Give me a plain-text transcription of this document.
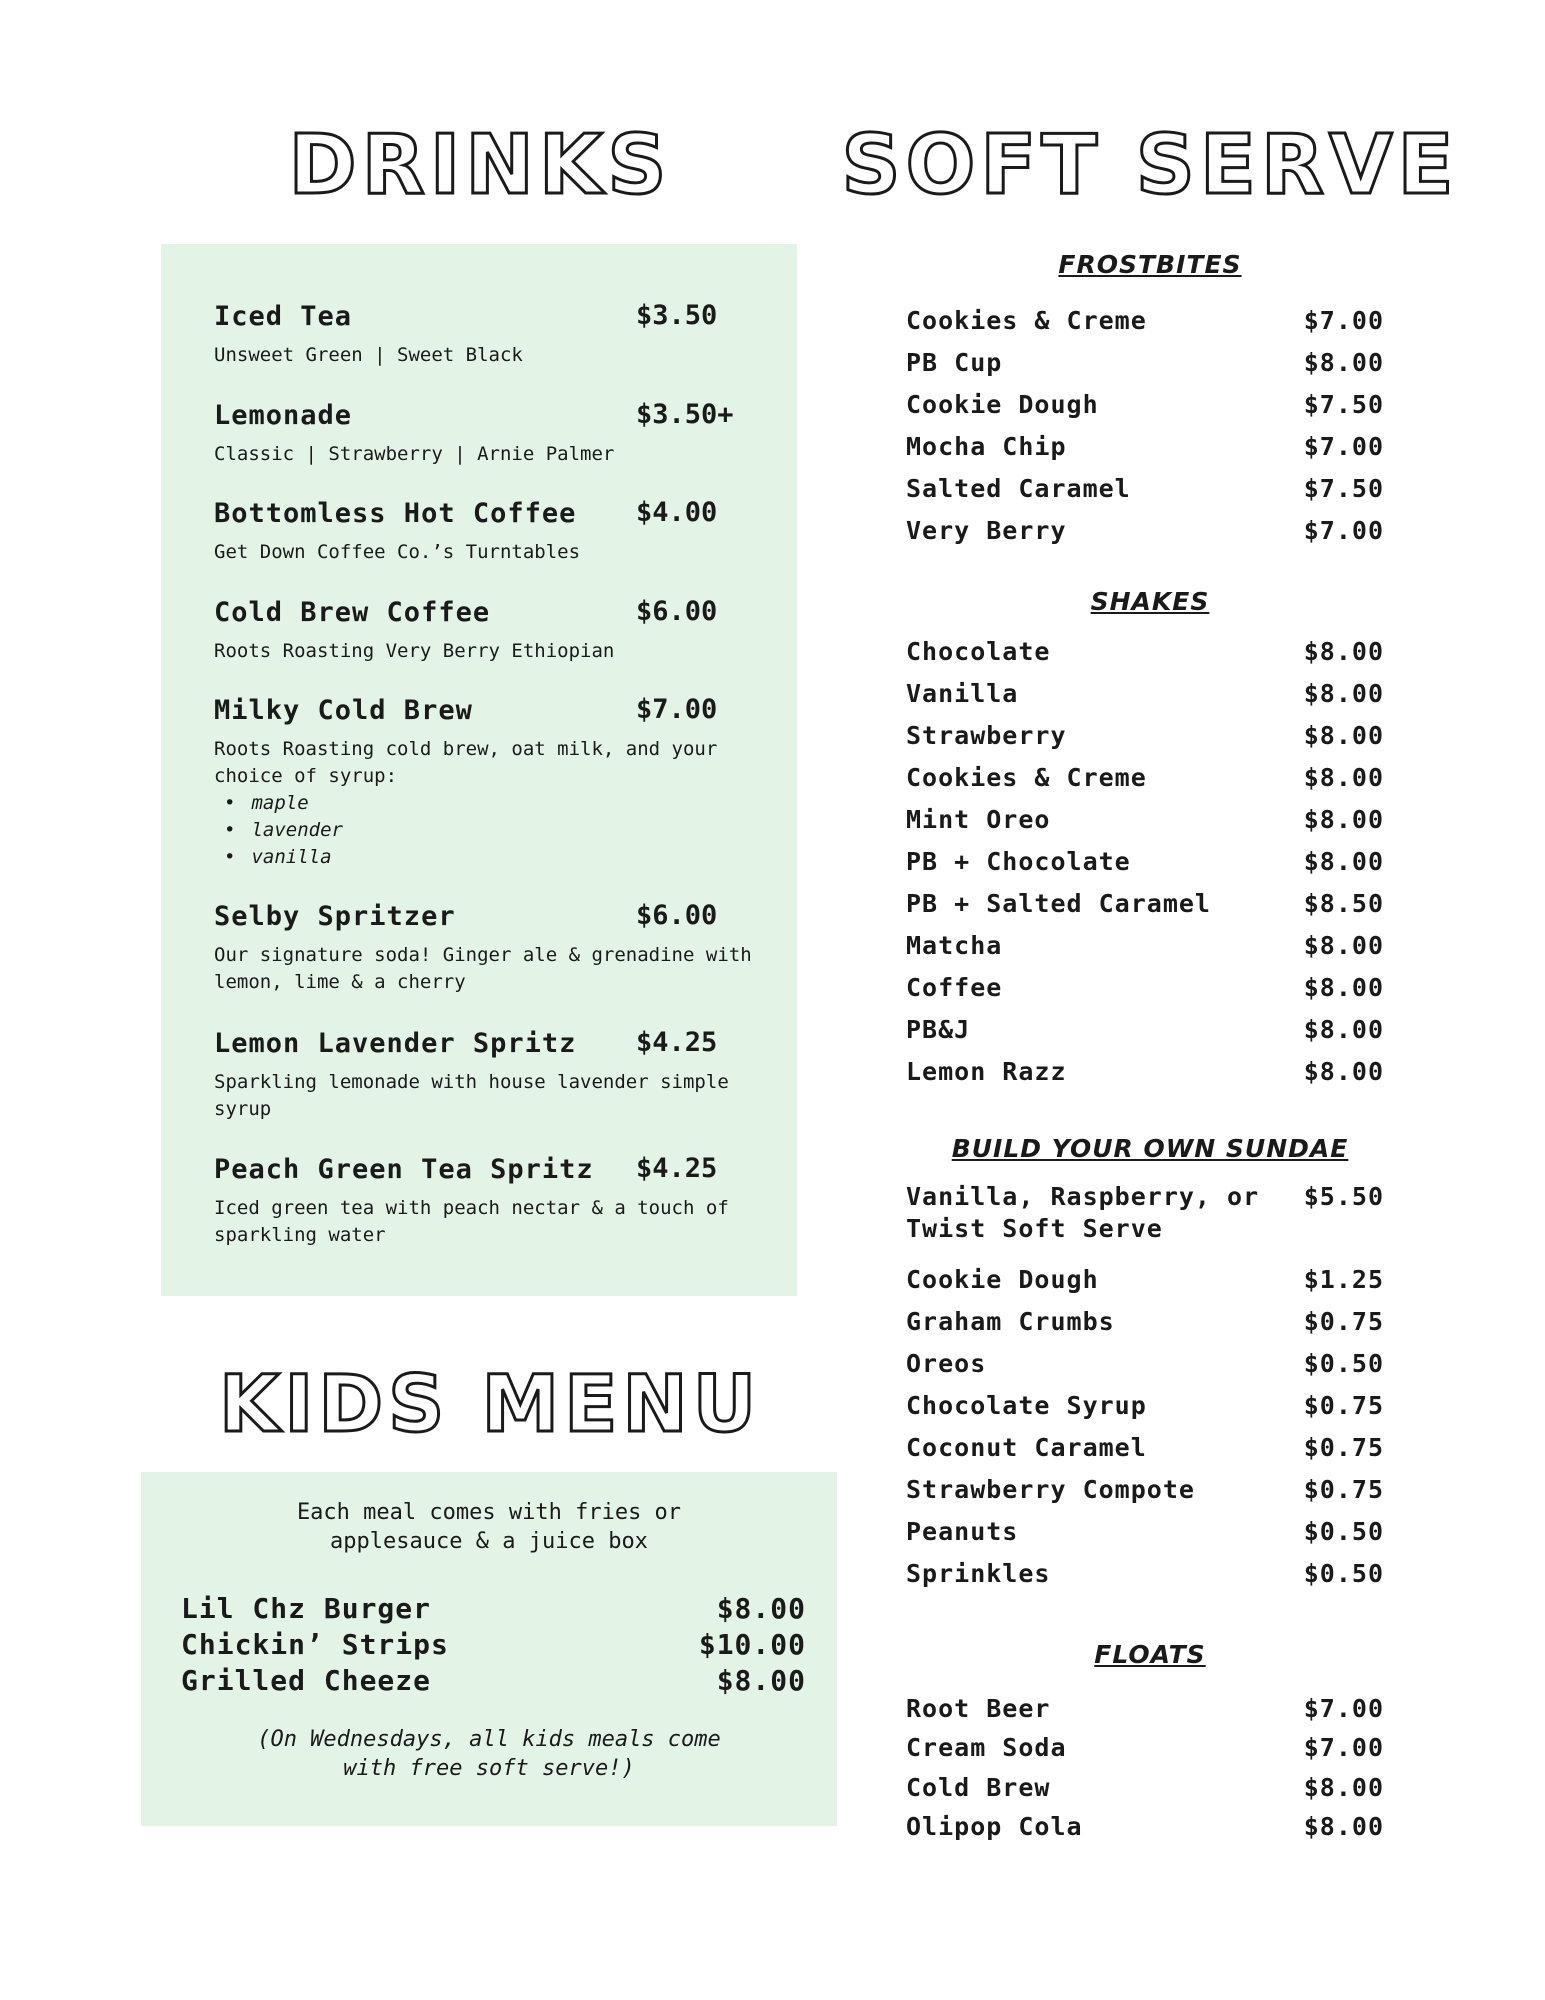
DRINKS
Iced Tea	$3.50
Unsweet Green | Sweet Black
Lemonade	$3.50+
Classic | Strawberry | Arnie Palmer
Bottomless Hot Coffee $4.00
Get Down Coffee Co.’s Turntables
Cold Brew Coffee	$6.00
Roots Roasting Very Berry Ethiopian
Milky Cold Brew	$7.00
Roots Roasting cold brew, oat milk, and your choice of syrup:
• maple
• lavender
• vanilla
Selby Spritzer	$6.00
Our signature soda! Ginger ale & grenadine with lemon, lime & a cherry
Lemon Lavender Spritz $4.25
Sparkling lemonade with house lavender simple syrup
Peach Green Tea Spritz $4.25
Iced green tea with peach nectar & a touch of sparkling water
KIDS MENU
Each meal comes with fries or applesauce & a juice box
Lil Chz Burger	$8.00
Chickin’ Strips	$10.00
Grilled Cheeze	$8.00
(On Wednesdays, all kids meals come with free soft serve!)
SOFT SERVE
FROSTBITES
Cookies & Creme	$7.00
PB Cup	$8.00
Cookie Dough	$7.50
Mocha Chip	$7.00
Salted Caramel	$7.50
Very Berry	$7.00
SHAKES
Chocolate	$8.00
Vanilla	$8.00
Strawberry	$8.00
Cookies & Creme	$8.00
Mint Oreo	$8.00
PB + Chocolate	$8.00
PB + Salted Caramel	$8.50
Matcha	$8.00
Coffee	$8.00
PB&J	$8.00
Lemon Razz	$8.00
BUILD YOUR OWN SUNDAE
Vanilla, Raspberry, or Twist Soft Serve
$5.50
Cookie Dough	$1.25
Graham Crumbs	$0.75
Oreos	$0.50
Chocolate Syrup	$0.75
Coconut Caramel	$0.75
Strawberry Compote	$0.75
Peanuts	$0.50
Sprinkles	$0.50
FLOATS
Root Beer	$7.00
Cream Soda	$7.00
Cold Brew	$8.00
Olipop Cola	$8.00
